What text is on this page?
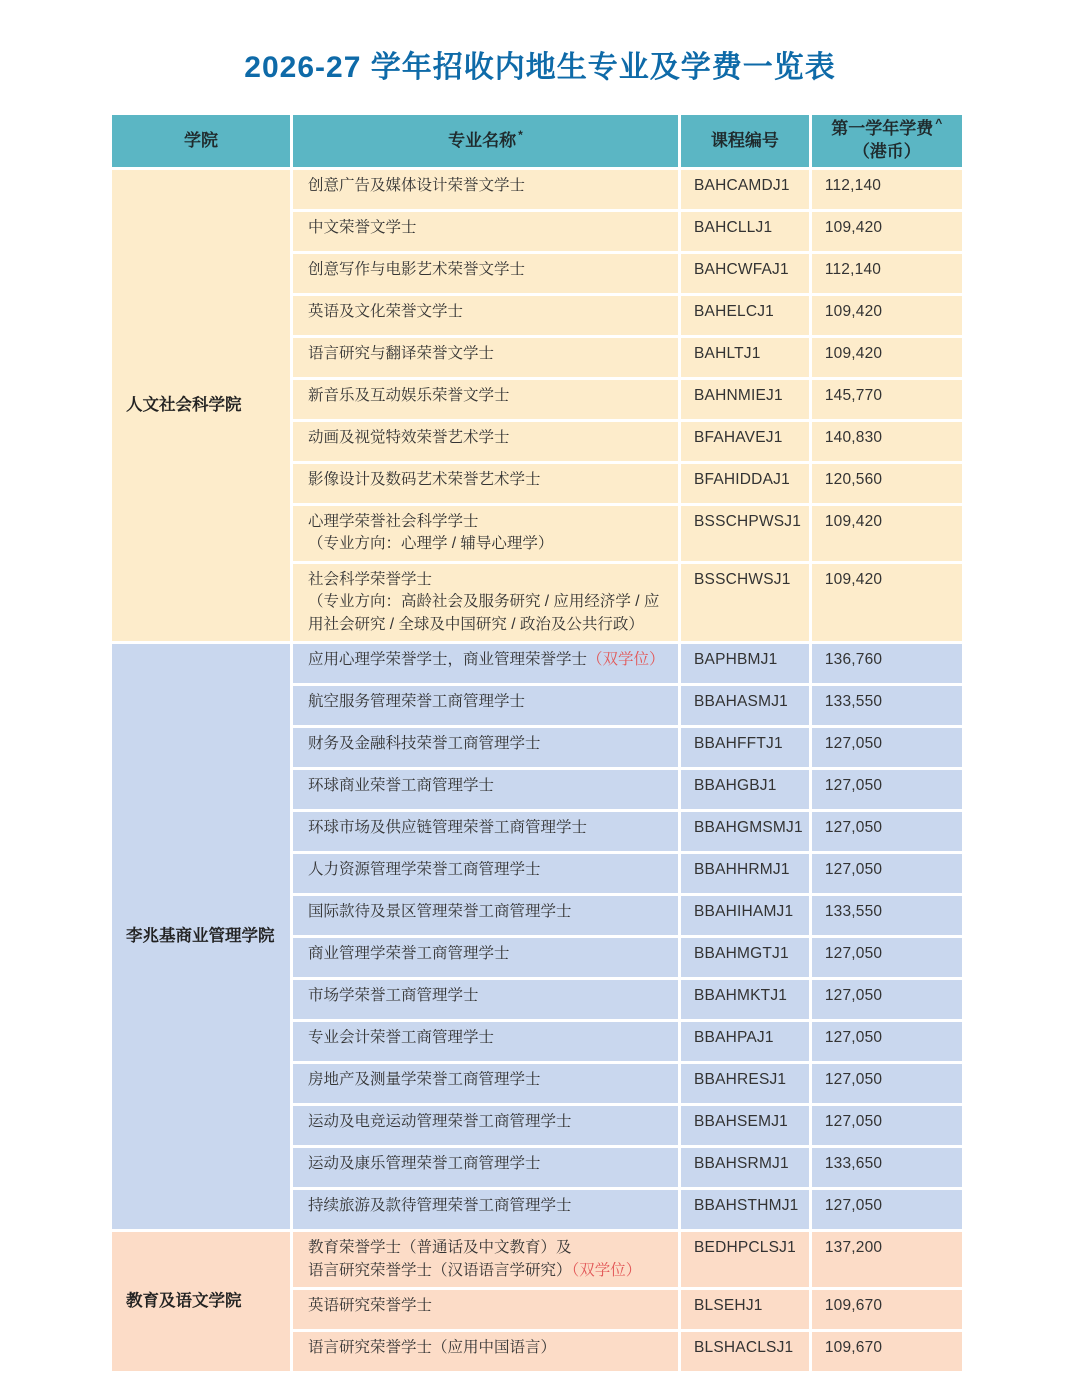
2026-27 学年招收内地生专业及学费一览表
学院	专业名称 *	课程编号	第一学年学费 ^
（港币）

人文社会科学院	创意广告及媒体设计荣誉文学士	BAHCAMDJ1	112,140

	中文荣誉文学士	BAHCLLJ1	109,420

	创意写作与电影艺术荣誉文学士	BAHCWFAJ1	112,140

	英语及文化荣誉文学士	BAHELCJ1	109,420

	语言研究与翻译荣誉文学士	BAHLTJ1	109,420

	新音乐及互动娱乐荣誉文学士	BAHNMIEJ1	145,770

	动画及视觉特效荣誉艺术学士	BFAHAVEJ1	140,830

	影像设计及数码艺术荣誉艺术学士	BFAHIDDAJ1	120,560

	心理学荣誉社会科学学士
（专业方向：心理学 / 辅导心理学）	BSSCHPWSJ1	109,420

	社会科学荣誉学士
（专业方向：高龄社会及服务研究 / 应用经济学 / 应用社会研究 / 全球及中国研究 / 政治及公共行政）	BSSCHWSJ1	109,420
李兆基商业管理学院	应用心理学荣誉学士，商业管理荣誉学士（双学位）	BAPHBMJ1	136,760

	航空服务管理荣誉工商管理学士	BBAHASMJ1	133,550

	财务及金融科技荣誉工商管理学士	BBAHFFTJ1	127,050

	环球商业荣誉工商管理学士	BBAHGBJ1	127,050

	环球市场及供应链管理荣誉工商管理学士	BBAHGMSMJ1	127,050

	人力资源管理学荣誉工商管理学士	BBAHHRMJ1	127,050

	国际款待及景区管理荣誉工商管理学士	BBAHIHAMJ1	133,550

	商业管理学荣誉工商管理学士	BBAHMGTJ1	127,050

	市场学荣誉工商管理学士	BBAHMKTJ1	127,050

	专业会计荣誉工商管理学士	BBAHPAJ1	127,050

	房地产及测量学荣誉工商管理学士	BBAHRESJ1	127,050

	运动及电竞运动管理荣誉工商管理学士	BBAHSEMJ1	127,050

	运动及康乐管理荣誉工商管理学士	BBAHSRMJ1	133,650

	持续旅游及款待管理荣誉工商管理学士	BBAHSTHMJ1	127,050
教育及语文学院	教育荣誉学士（普通话及中文教育）及
语言研究荣誉学士（汉语语言学研究）（双学位）	BEDHPCLSJ1	137,200

	英语研究荣誉学士	BLSEHJ1	109,670

	语言研究荣誉学士（应用中国语言）	BLSHACLSJ1	109,670
